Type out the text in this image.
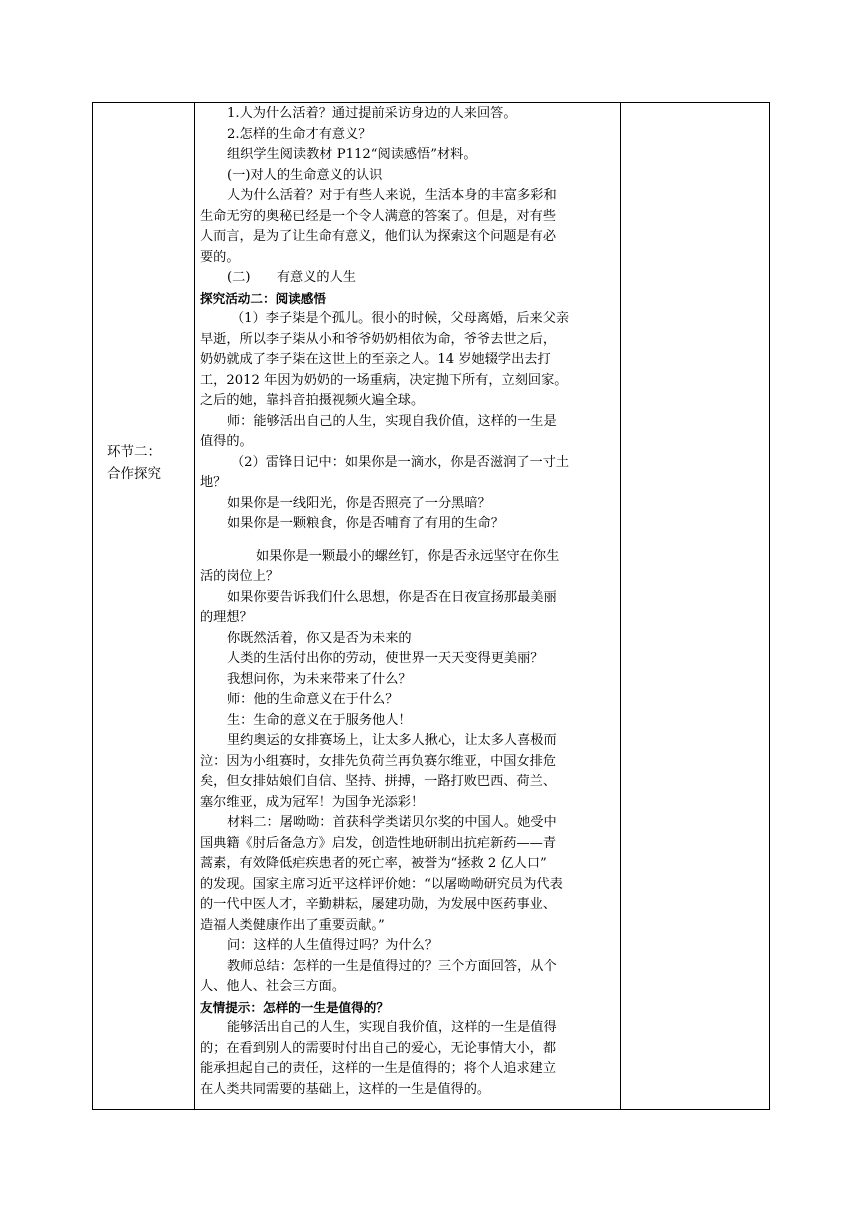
环节二：
合作探究

1.人为什么活着？通过提前采访身边的人来回答。

2.怎样的生命才有意义？

组织学生阅读教材 P112“阅读感悟”材料。

(一)对人的生命意义的认识

人为什么活着？对于有些人来说，生活本身的丰富多彩和

生命无穷的奥秘已经是一个令人满意的答案了。但是，对有些

人而言，是为了让生命有意义，他们认为探索这个问题是有必

要的。

(二)　　有意义的人生

探究活动二：阅读感悟

（1）李子柒是个孤儿。很小的时候，父母离婚，后来父亲

早逝，所以李子柒从小和爷爷奶奶相依为命，爷爷去世之后，

奶奶就成了李子柒在这世上的至亲之人。14 岁她辍学出去打

工，2012 年因为奶奶的一场重病，决定抛下所有，立刻回家。

之后的她，靠抖音拍摄视频火遍全球。

师：能够活出自己的人生，实现自我价值，这样的一生是

值得的。

（2）雷锋日记中：如果你是一滴水，你是否滋润了一寸土

地？

如果你是一线阳光，你是否照亮了一分黑暗？

如果你是一颗粮食，你是否哺育了有用的生命？

如果你是一颗最小的螺丝钉，你是否永远坚守在你生

活的岗位上？

如果你要告诉我们什么思想，你是否在日夜宣扬那最美丽

的理想？

你既然活着，你又是否为未来的

人类的生活付出你的劳动，使世界一天天变得更美丽？

我想问你，为未来带来了什么？

师：他的生命意义在于什么？

生：生命的意义在于服务他人！

里约奥运的女排赛场上，让太多人揪心，让太多人喜极而

泣：因为小组赛时，女排先负荷兰再负赛尔维亚，中国女排危

矣，但女排姑娘们自信、坚持、拼搏，一路打败巴西、荷兰、

塞尔维亚，成为冠军！为国争光添彩！

材料二：屠呦呦：首获科学类诺贝尔奖的中国人。她受中

国典籍《肘后备急方》启发，创造性地研制出抗疟新药——青

蒿素，有效降低疟疾患者的死亡率，被誉为“拯救 2 亿人口”

的发现。国家主席习近平这样评价她：“以屠呦呦研究员为代表

的一代中医人才，辛勤耕耘，屡建功勋，为发展中医药事业、

造福人类健康作出了重要贡献。”

问：这样的人生值得过吗？为什么？

教师总结：怎样的一生是值得过的？三个方面回答，从个

人、他人、社会三方面。

友情提示：怎样的一生是值得的？

能够活出自己的人生，实现自我价值，这样的一生是值得

的；在看到别人的需要时付出自己的爱心，无论事情大小，都

能承担起自己的责任，这样的一生是值得的；将个人追求建立

在人类共同需要的基础上，这样的一生是值得的。
